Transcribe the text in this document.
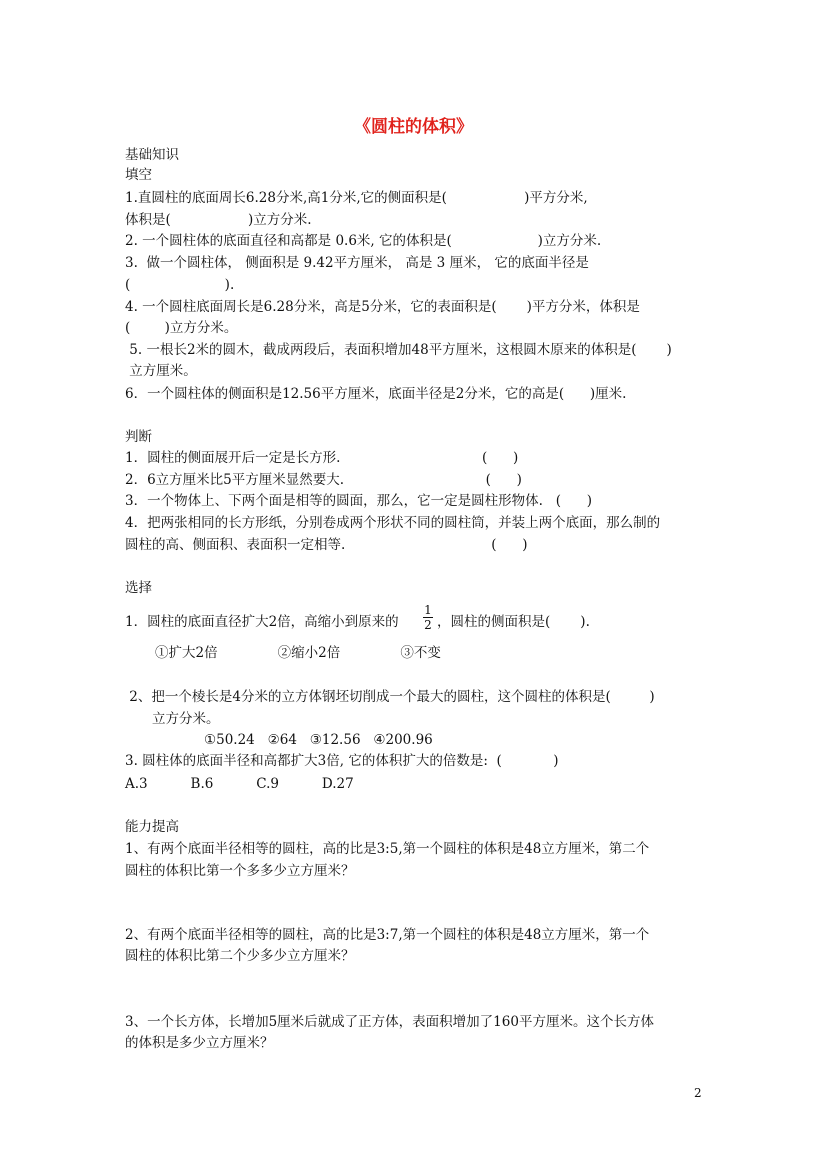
《圆柱的体积》
基础知识
填空
1.直圆柱的底面周长6.28分米,高1分米,它的侧面积是(                  )平方分米,
体积是(                  )立方分米.
2. 一个圆柱体的底面直径和高都是 0.6米, 它的体积是(                    )立方分米.
3.  做一个圆柱体， 侧面积是 9.42平方厘米， 高是 3 厘米， 它的底面半径是
(                      ).
4. 一个圆柱底面周长是6.28分米，高是5分米，它的表面积是(       )平方分米，体积是
(        )立方分米。
5. 一根长2米的圆木，截成两段后，表面积增加48平方厘米，这根圆木原来的体积是(       )
立方厘米。
6．一个圆柱体的侧面积是12.56平方厘米，底面半径是2分米，它的高是(      )厘米.
判断
1．圆柱的侧面展开后一定是长方形.                                 (      )
2．6立方厘米比5平方厘米显然要大.                                 (      )
3．一个物体上、下两个面是相等的圆面，那么，它一定是圆柱形物体.   (      )
4．把两张相同的长方形纸，分别卷成两个形状不同的圆柱筒，并装上两个底面，那么制的
圆柱的高、侧面积、表面积一定相等.                                  (      )
选择
1．圆柱的底面直径扩大2倍，高缩小到原来的 $\frac{1}{2}$ ，圆柱的侧面积是(       ).
①扩大2倍              ②缩小2倍              ③不变
2、把一个棱长是4分米的立方体钢坯切削成一个最大的圆柱，这个圆柱的体积是(         )
立方分米。
①50.24   ②64   ③12.56   ④200.96
3. 圆柱体的底面半径和高都扩大3倍, 它的体积扩大的倍数是:  (            )
A.3          B.6          C.9          D.27
能力提高
1、有两个底面半径相等的圆柱，高的比是3:5,第一个圆柱的体积是48立方厘米，第二个
圆柱的体积比第一个多多少立方厘米？
2、有两个底面半径相等的圆柱，高的比是3:7,第一个圆柱的体积是48立方厘米，第一个
圆柱的体积比第二个少多少立方厘米？
3、一个长方体，长增加5厘米后就成了正方体，表面积增加了160平方厘米。这个长方体
的体积是多少立方厘米？
2
